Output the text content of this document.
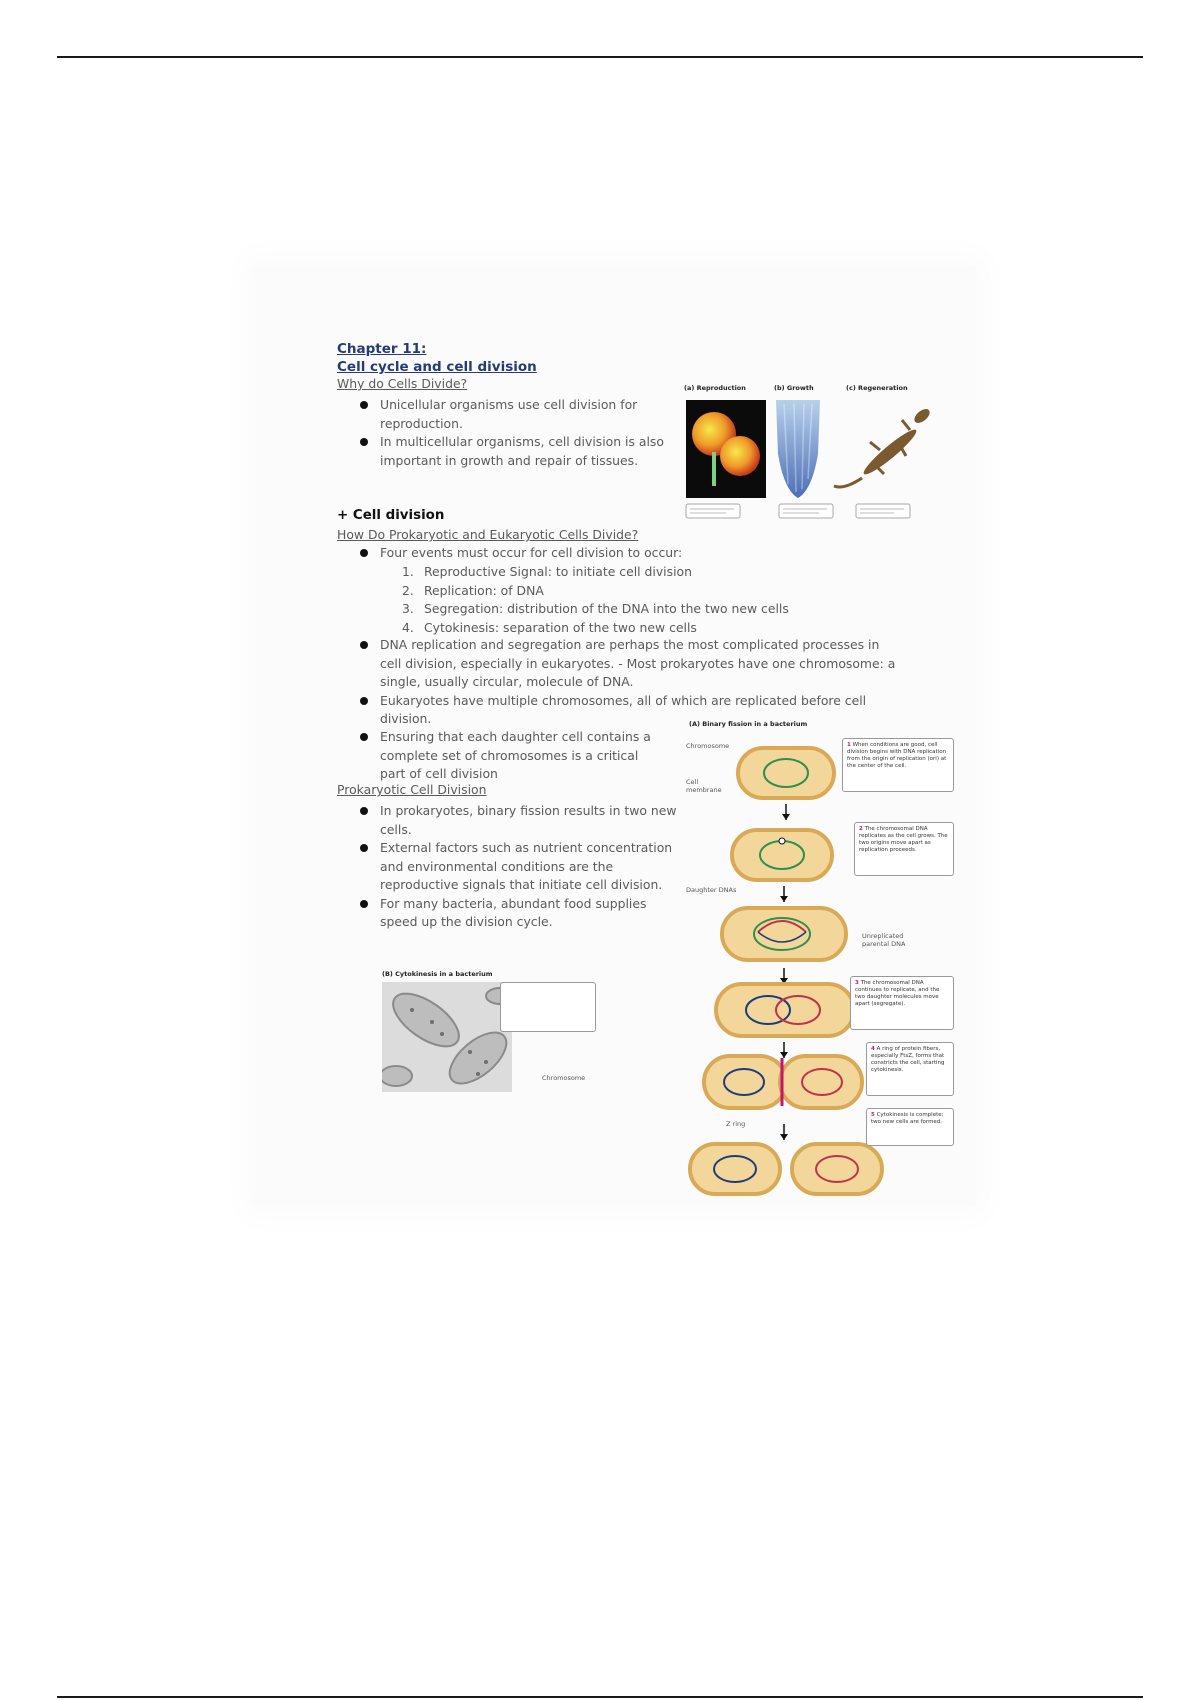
Chapter 11:
Cell cycle and cell division
Why do Cells Divide?
Unicellular organisms use cell division for reproduction.
In multicellular organisms, cell division is also important in growth and repair of tissues.
(a) Reproduction	(b) Growth	(c) Regeneration
+ Cell division
How Do Prokaryotic and Eukaryotic Cells Divide?
Four events must occur for cell division to occur:
1. Reproductive Signal: to initiate cell division
2. Replication: of DNA
3. Segregation: distribution of the DNA into the two new cells
4. Cytokinesis: separation of the two new cells
DNA replication and segregation are perhaps the most complicated processes in cell division, especially in eukaryotes. - Most prokaryotes have one chromosome: a single, usually circular, molecule of DNA.
Eukaryotes have multiple chromosomes, all of which are replicated before cell division.
Ensuring that each daughter cell contains a complete set of chromosomes is a critical part of cell division
Prokaryotic Cell Division
In prokaryotes, binary fission results in two new cells.
External factors such as nutrient concentration and environmental conditions are the reproductive signals that initiate cell division.
For many bacteria, abundant food supplies speed up the division cycle.
(B) Cytokinesis in a bacterium
Chromosome
(A) Binary fission in a bacterium
Chromosome
Cell membrane
Daughter DNAs
Unreplicated parental DNA
Z ring
1 When conditions are good, cell division begins with DNA replication from the origin of replication (ori) at the center of the cell.
2 The chromosomal DNA replicates as the cell grows. The two origins move apart as replication proceeds.
3 The chromosomal DNA continues to replicate, and the two daughter molecules move apart (segregate).
4 A ring of protein fibers, especially FtsZ, forms that constricts the cell, starting cytokinesis.
5 Cytokinesis is complete; two new cells are formed.
